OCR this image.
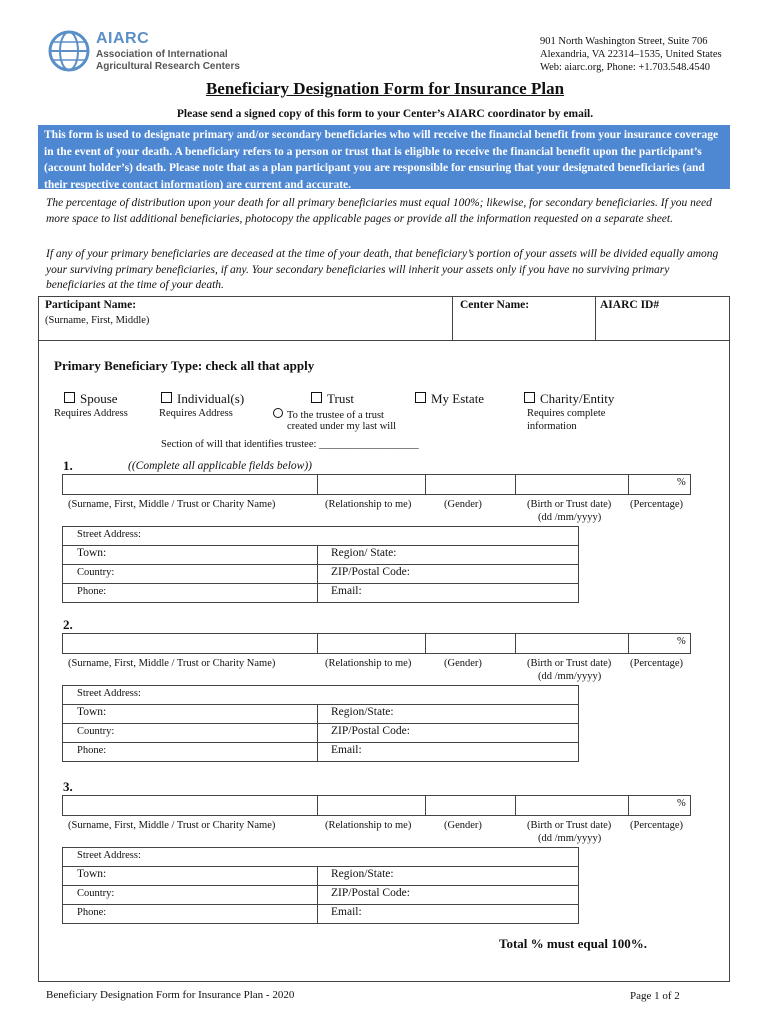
AIARC
Association of International
Agricultural Research Centers
901 North Washington Street, Suite 706
Alexandria, VA 22314–1535, United States
Web: aiarc.org, Phone: +1.703.548.4540
Beneficiary Designation Form for Insurance Plan
Please send a signed copy of this form to your Center’s AIARC coordinator by email.
This form is used to designate primary and/or secondary beneficiaries who will receive the financial benefit from your insurance coverage in the event of your death. A beneficiary refers to a person or trust that is eligible to receive the financial benefit upon the participant’s (account holder’s) death. Please note that as a plan participant you are responsible for ensuring that your designated beneficiaries (and their respective contact information) are current and accurate.
The percentage of distribution upon your death for all primary beneficiaries must equal 100%; likewise, for secondary beneficiaries. If you need more space to list additional beneficiaries, photocopy the applicable pages or provide all the information requested on a separate sheet.
If any of your primary beneficiaries are deceased at the time of your death, that beneficiary’s portion of your assets will be divided equally among your surviving primary beneficiaries, if any. Your secondary beneficiaries will inherit your assets only if you have no surviving primary beneficiaries at the time of your death.
Participant Name:
(Surname, First, Middle)
Center Name:	AIARC ID#
Primary Beneficiary Type: check all that apply
Spouse
Requires Address
Individual(s)
Requires Address
Trust
To the trustee of a trust
created under my last will
My Estate	Charity/Entity
Requires complete
information
Section of will that identifies trustee: ___________________
1.	((Complete all applicable fields below))
%
(Surname, First, Middle / Trust or Charity Name)	(Relationship to me)	(Gender)	(Birth or Trust date)
(dd /mm/yyyy)
(Percentage)
Street Address:
Town:	Region/ State:
Country:	ZIP/Postal Code:
Phone:	Email:
2.
%
(Surname, First, Middle / Trust or Charity Name)	(Relationship to me)	(Gender)	(Birth or Trust date)
(dd /mm/yyyy)
(Percentage)
Street Address:
Town:	Region/State:
Country:	ZIP/Postal Code:
Phone:	Email:
3.
%
(Surname, First, Middle / Trust or Charity Name)	(Relationship to me)	(Gender)	(Birth or Trust date)
(dd /mm/yyyy)
(Percentage)
Street Address:
Town:	Region/State:
Country:	ZIP/Postal Code:
Phone:	Email:
Total % must equal 100%.
Beneficiary Designation Form for Insurance Plan - 2020	Page 1 of 2
